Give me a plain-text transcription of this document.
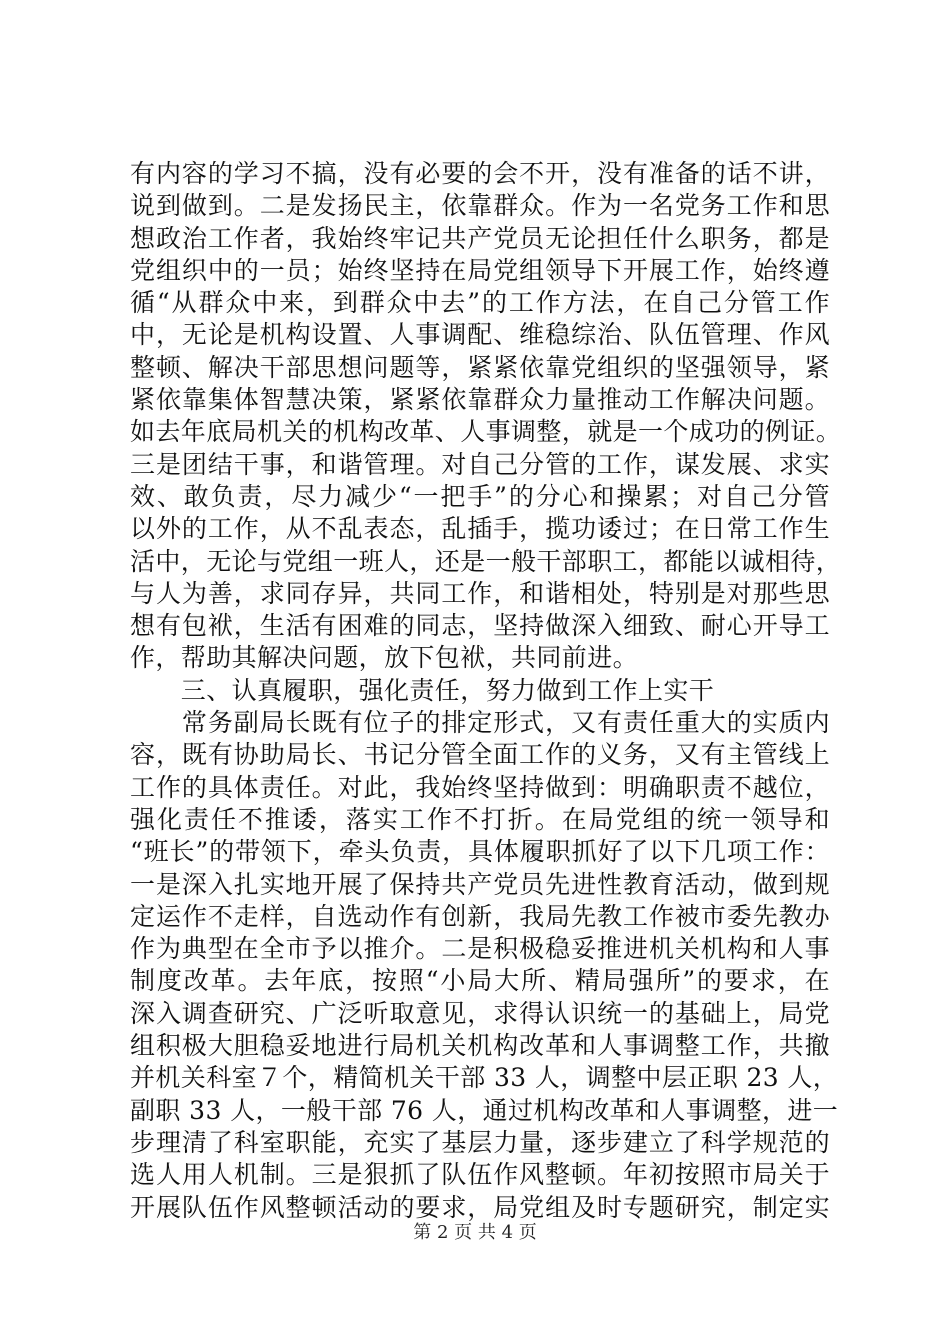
有内容的学习不搞，没有必要的会不开，没有准备的话不讲，
说到做到。二是发扬民主，依靠群众。作为一名党务工作和思
想政治工作者，我始终牢记共产党员无论担任什么职务，都是
党组织中的一员；始终坚持在局党组领导下开展工作，始终遵
循“从群众中来，到群众中去”的工作方法，在自己分管工作
中，无论是机构设置、人事调配、维稳综治、队伍管理、作风
整顿、解决干部思想问题等，紧紧依靠党组织的坚强领导，紧
紧依靠集体智慧决策，紧紧依靠群众力量推动工作解决问题。
如去年底局机关的机构改革、人事调整，就是一个成功的例证。
三是团结干事，和谐管理。对自己分管的工作，谋发展、求实
效、敢负责，尽力减少“一把手”的分心和操累；对自己分管
以外的工作，从不乱表态，乱插手，揽功诿过；在日常工作生
活中，无论与党组一班人，还是一般干部职工，都能以诚相待，
与人为善，求同存异，共同工作，和谐相处，特别是对那些思
想有包袱，生活有困难的同志，坚持做深入细致、耐心开导工
作，帮助其解决问题，放下包袱，共同前进。
　　三、认真履职，强化责任，努力做到工作上实干
　　常务副局长既有位子的排定形式，又有责任重大的实质内
容，既有协助局长、书记分管全面工作的义务，又有主管线上
工作的具体责任。对此，我始终坚持做到：明确职责不越位，
强化责任不推诿，落实工作不打折。在局党组的统一领导和
“班长”的带领下，牵头负责，具体履职抓好了以下几项工作：
一是深入扎实地开展了保持共产党员先进性教育活动，做到规
定运作不走样，自选动作有创新，我局先教工作被市委先教办
作为典型在全市予以推介。二是积极稳妥推进机关机构和人事
制度改革。去年底，按照“小局大所、精局强所”的要求，在
深入调查研究、广泛听取意见，求得认识统一的基础上，局党
组积极大胆稳妥地进行局机关机构改革和人事调整工作，共撤
并机关科室７个，精简机关干部 33 人，调整中层正职 23 人，
副职 33 人，一般干部 76 人，通过机构改革和人事调整，进一
步理清了科室职能，充实了基层力量，逐步建立了科学规范的
选人用人机制。三是狠抓了队伍作风整顿。年初按照市局关于
开展队伍作风整顿活动的要求，局党组及时专题研究，制定实
第 2 页 共 4 页
